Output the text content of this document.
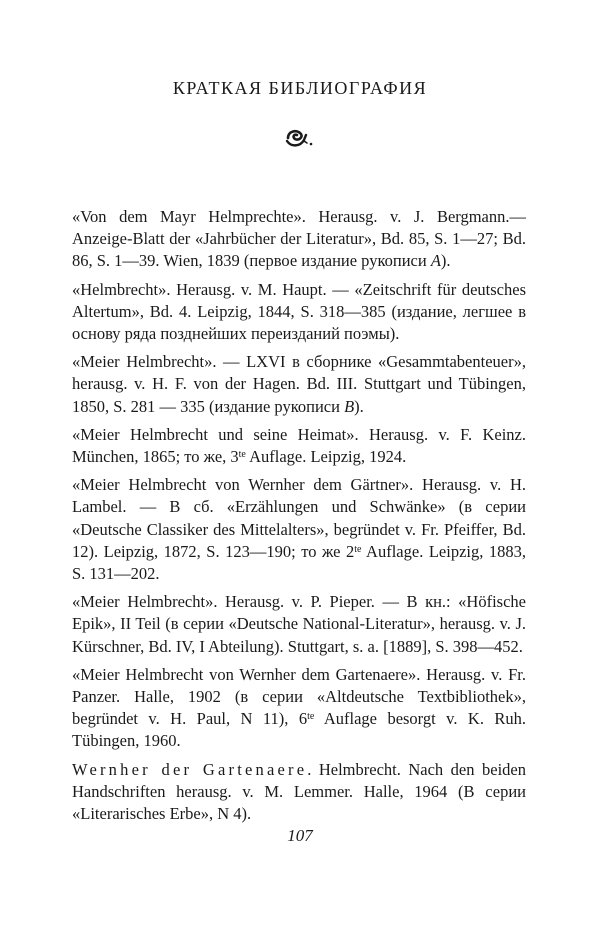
КРАТКАЯ БИБЛИОГРАФИЯ

«Von dem Mayr Helmprechte». Herausg. v. J. Bergmann.— Anzeige-Blatt der «Jahrbücher der Literatur», Bd. 85, S. 1—27; Bd. 86, S. 1—39. Wien, 1839 (первое издание рукописи A).

«Helmbrecht». Herausg. v. M. Haupt. — «Zeitschrift für deutsches Altertum», Bd. 4. Leipzig, 1844, S. 318—385 (издание, легшее в основу ряда позднейших переизданий поэмы).

«Meier Helmbrecht». — LXVI в сборнике «Gesammtabenteuer», herausg. v. H. F. von der Hagen. Bd. III. Stuttgart und Tübingen, 1850, S. 281 — 335 (издание рукописи B).

«Meier Helmbrecht und seine Heimat». Herausg. v. F. Keinz. München, 1865; то же, $3^{te}$ Auflage. Leipzig, 1924.

«Meier Helmbrecht von Wernher dem Gärtner». Herausg. v. H. Lambel. — В сб. «Erzählungen und Schwänke» (в серии «Deutsche Classiker des Mittelalters», begründet v. Fr. Pfeiffer, Bd. 12). Leipzig, 1872, S. 123—190; то же $2^{te}$ Auflage. Leipzig, 1883, S. 131—202.

«Meier Helmbrecht». Herausg. v. P. Pieper. — В кн.: «Höfische Epik», II Teil (в серии «Deutsche National-Literatur», herausg. v. J. Kürschner, Bd. IV, I Abteilung). Stuttgart, s. a. [1889], S. 398—452.

«Meier Helmbrecht von Wernher dem Gartenaere». Herausg. v. Fr. Panzer. Halle, 1902 (в серии «Altdeutsche Textbibliothek», begründet v. H. Paul, N 11), $6^{te}$ Auflage besorgt v. K. Ruh. Tübingen, 1960.

Wernher der Gartenaere. Helmbrecht. Nach den beiden Handschriften herausg. v. M. Lemmer. Halle, 1964 (В серии «Literarisches Erbe», N 4).

107
